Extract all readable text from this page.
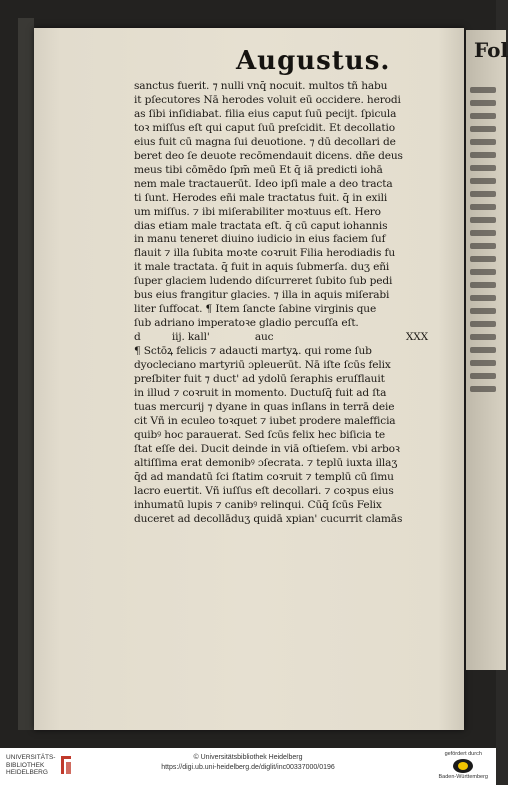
Fol
Augustus.
sanctus fuerit. ⁊ nulli vnq̄ nocuit. multos tñ habu
it pſecutores Nā herodes voluit eū occidere. herodi
as ſibi inſidiabat. filia eius caput ſuū pecijt. ſpicula
toꝛ miſſus eſt qui caput ſuū preſcidit. Et decollatio
eius fuit cū magna ſui deuotione. ⁊ dū decollari de
beret deo ſe deuote recōmendauit dicens. dñe deus
meus tibi cōmēdo ſpm̄ meū Et q̄ iā predicti iohā
nem male tractauerūt. Ideo ipſi male a deo tracta
ti ſunt. Herodes eñi male tractatus fuit. q̄ in exili
um miſſus. ⁊ ibi miſerabiliter moꝛtuus eſt. Hero
dias etiam male tractata eſt. q̄ cū caput iohannis
in manu teneret diuino iudicio in eius faciem ſuf
flauit ⁊ illa ſubita moꝛte coꝛruit Filia herodiadis fu
it male tractata. q̄ fuit in aquis ſubmerſa. duʒ eñi
ſuper glaciem ludendo diſcurreret ſubito ſub pedi
bus eius frangitur glacies. ⁊ illa in aquis miſerabi
liter ſuffocat. ¶ Item ſancte ſabine virginis que
ſub adriano imperatoꝛe gladio percuſſa eſt.
d	iij. kall'	auc	XXX
¶ Sctōꝝ felicis ⁊ adaucti martyꝝ. qui rome ſub
dyocleciano martyriū ɔpleuerūt. Nā iſte ſcūs felix
preſbiter fuit ⁊ duct' ad ydolū ſeraphis eruſflauit
in illud ⁊ coꝛruit in momento. Ductuſq̄ fuit ad ſta
tuas mercurij ⁊ dyane in quas inſlans in terrā deie
cit Vñ in eculeo toꝛquet ⁊ iubet prodere malefficia
quibꝰ hoc parauerat. Sed ſcūs felix hec biſicia te
ſtat eſſe dei. Ducit deinde in viā oſtieſem. vbi arboꝛ
altiſſima erat demonibꝰ ɔſecrata. ⁊ teplū iuxta illaʒ
q̄d ad mandatū ſci ſtatim coꝛruit ⁊ templū cū ſimu
lacro euertit. Vñ iuſſus eſt decollari. ⁊ coꝛpus eius
inhumatū lupis ⁊ canibꝰ relinqui. Cūq̄ ſcūs Felix
duceret ad decollāduʒ quidā xpian' cucurrit clamās
UNIVERSITÄTS-
BIBLIOTHEK
HEIDELBERG
© Universitätsbibliothek Heidelberg
https://digi.ub.uni-heidelberg.de/diglit/inc00337000/0196
gefördert durch
Baden-Württemberg
